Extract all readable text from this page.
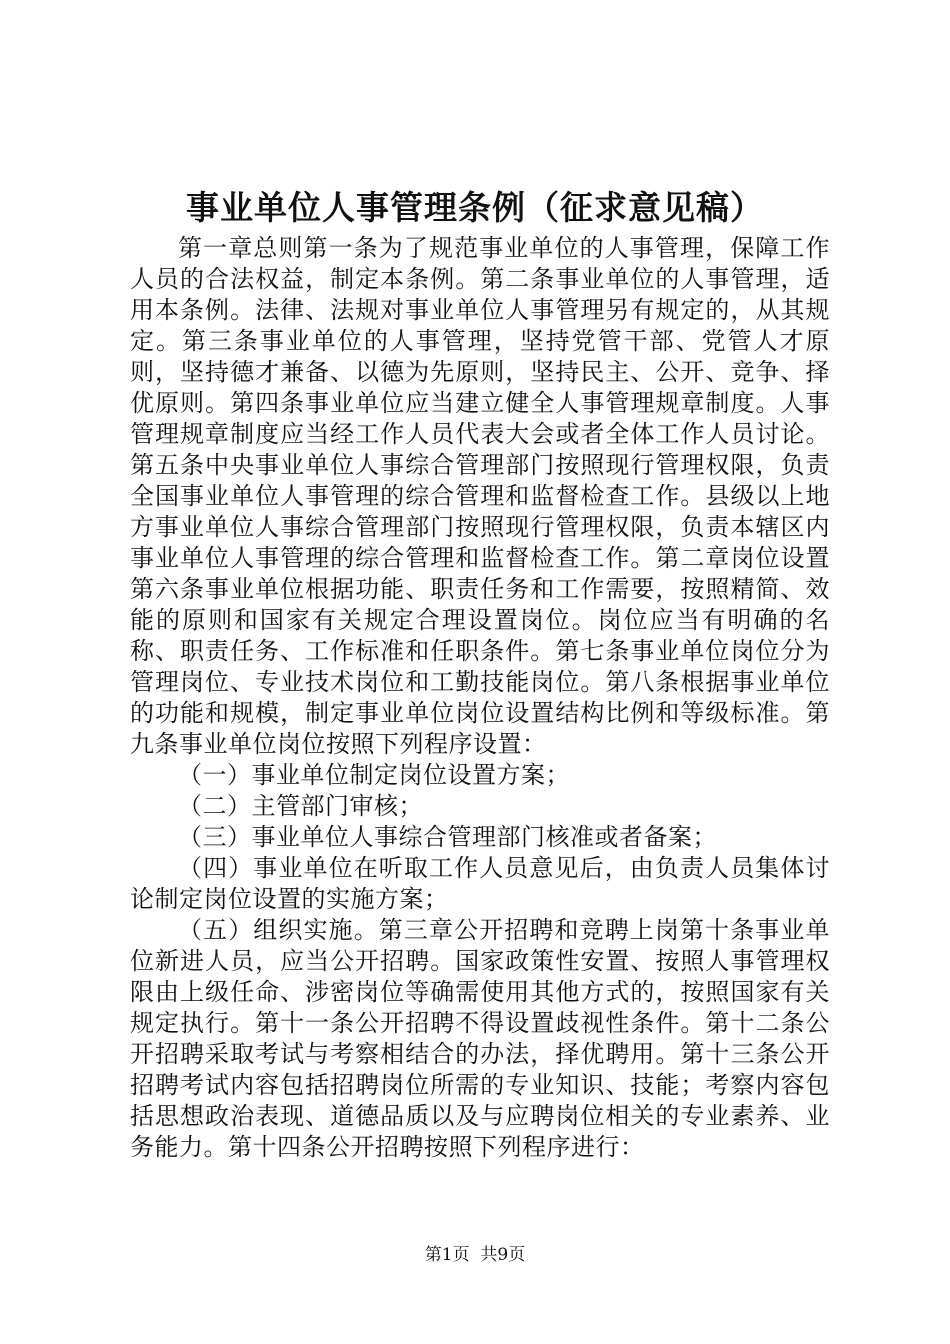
事业单位人事管理条例（征求意见稿）

第一章总则第一条为了规范事业单位的人事管理，保障工作人员的合法权益，制定本条例。第二条事业单位的人事管理，适用本条例。法律、法规对事业单位人事管理另有规定的，从其规定。第三条事业单位的人事管理，坚持党管干部、党管人才原则，坚持德才兼备、以德为先原则，坚持民主、公开、竞争、择优原则。第四条事业单位应当建立健全人事管理规章制度。人事管理规章制度应当经工作人员代表大会或者全体工作人员讨论。第五条中央事业单位人事综合管理部门按照现行管理权限，负责全国事业单位人事管理的综合管理和监督检查工作。县级以上地方事业单位人事综合管理部门按照现行管理权限，负责本辖区内事业单位人事管理的综合管理和监督检查工作。第二章岗位设置第六条事业单位根据功能、职责任务和工作需要，按照精简、效能的原则和国家有关规定合理设置岗位。岗位应当有明确的名称、职责任务、工作标准和任职条件。第七条事业单位岗位分为管理岗位、专业技术岗位和工勤技能岗位。第八条根据事业单位的功能和规模，制定事业单位岗位设置结构比例和等级标准。第九条事业单位岗位按照下列程序设置：

（一）事业单位制定岗位设置方案；

（二）主管部门审核；

（三）事业单位人事综合管理部门核准或者备案；

（四）事业单位在听取工作人员意见后，由负责人员集体讨论制定岗位设置的实施方案；

（五）组织实施。第三章公开招聘和竞聘上岗第十条事业单位新进人员，应当公开招聘。国家政策性安置、按照人事管理权限由上级任命、涉密岗位等确需使用其他方式的，按照国家有关规定执行。第十一条公开招聘不得设置歧视性条件。第十二条公开招聘采取考试与考察相结合的办法，择优聘用。第十三条公开招聘考试内容包括招聘岗位所需的专业知识、技能；考察内容包括思想政治表现、道德品质以及与应聘岗位相关的专业素养、业务能力。第十四条公开招聘按照下列程序进行：

第1页  共9页
